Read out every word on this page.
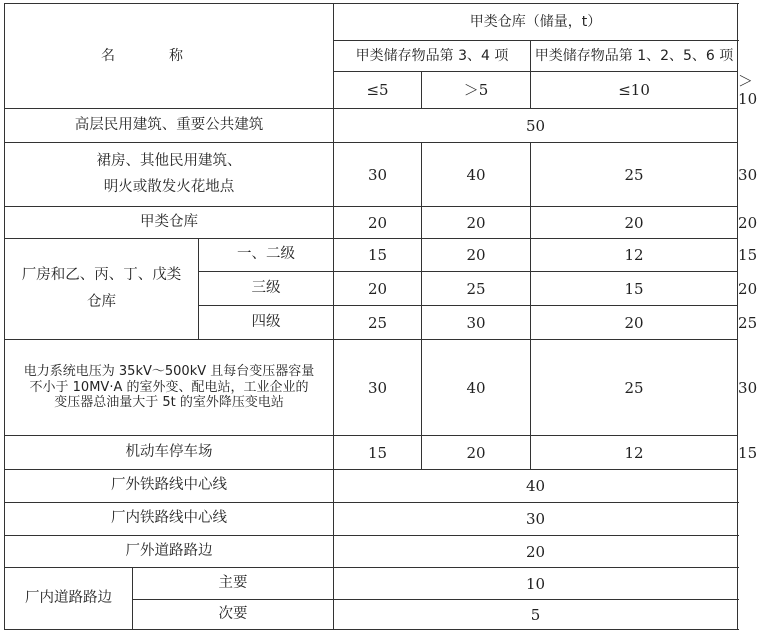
名称			甲类仓库（储量，t）			
			甲类储存物品第 3、4 项		甲类储存物品第 1、2、5、6 项	
			≤5	＞5	≤10	＞10
高层民用建筑、重要公共建筑			50			

裙房、其他民用建筑、
明火或散发火花地点			30	40	25	30
甲类仓库			20	20	20	20

厂房和乙、丙、丁、戊类
仓库		一、二级	15	20	12	15
		三级	20	25	15	20
		四级	25	30	20	25

电力系统电压为 35kV～500kV 且每台变压器容量
不小于 10MV·A 的室外变、配电站，工业企业的
变压器总油量大于 5t 的室外降压变电站			30	40	25	30
机动车停车场			15	20	12	15
厂外铁路线中心线			40			
厂内铁路线中心线			30			
厂外道路路边			20			
厂内道路路边	主要		10			
	次要		5			
